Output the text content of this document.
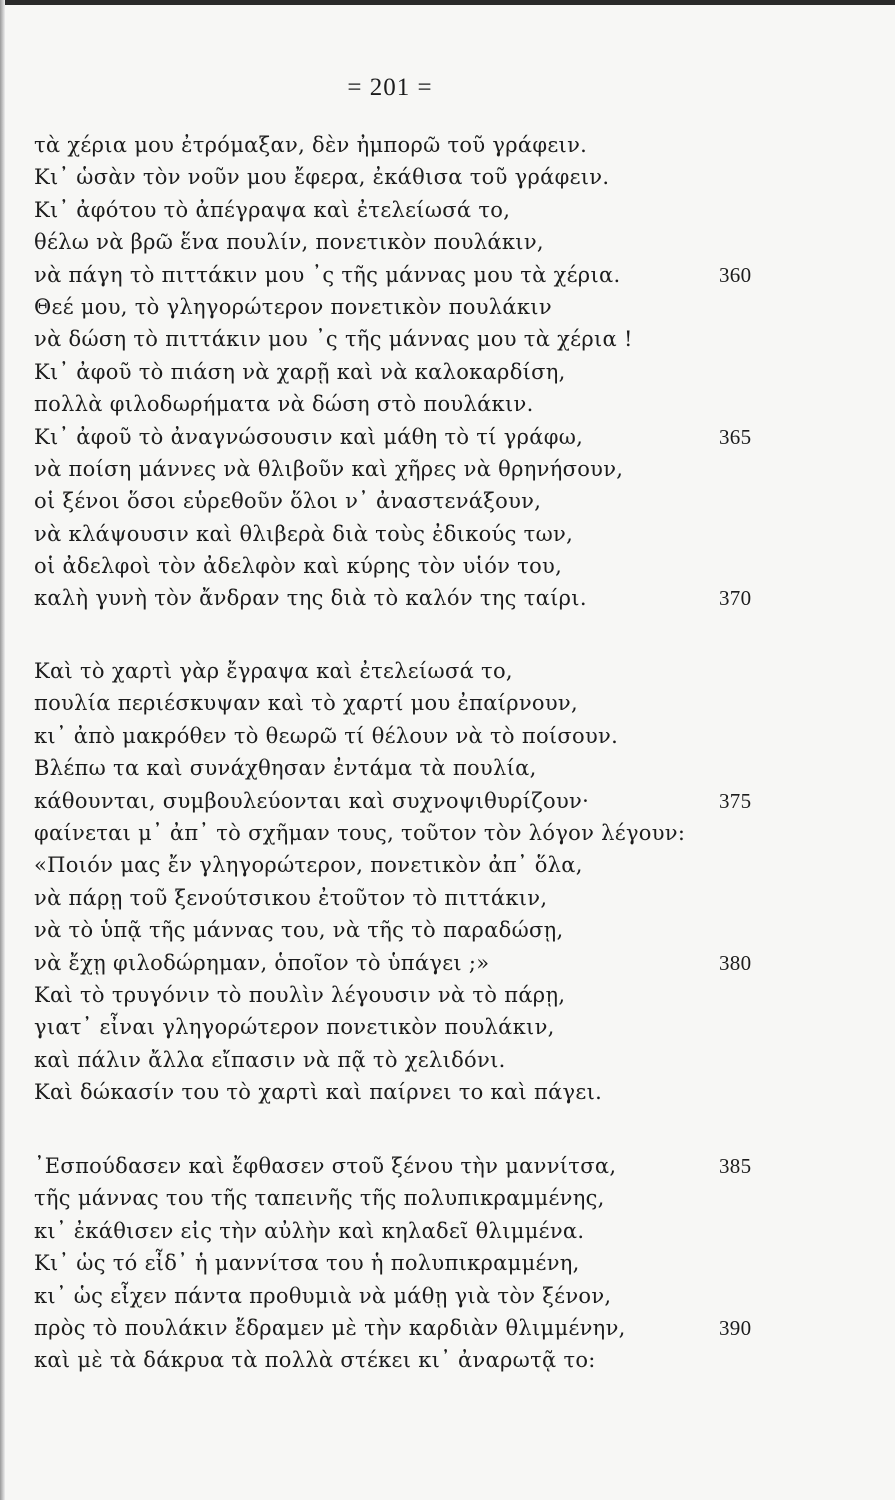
= 201 =
τὰ χέρια μου ἐτρόμαξαν, δὲν ἠμπορῶ τοῦ γράφειν.
Κι᾽ ὡσὰν τὸν νοῦν μου ἔφερα, ἐκάθισα τοῦ γράφειν.
Κι᾽ ἀφότου τὸ ἀπέγραψα καὶ ἐτελείωσά το,
θέλω νὰ βρῶ ἕνα πουλίν, πονετικὸν πουλάκιν,
νὰ πάγη τὸ πιττάκιν μου ᾽ς τῆς μάννας μου τὰ χέρια.	360
Θεέ μου, τὸ γληγορώτερον πονετικὸν πουλάκιν
νὰ δώση τὸ πιττάκιν μου ᾽ς τῆς μάννας μου τὰ χέρια !
Κι᾽ ἀφοῦ τὸ πιάση νὰ χαρῇ καὶ νὰ καλοκαρδίση,
πολλὰ φιλοδωρήματα νὰ δώση στὸ πουλάκιν.
Κι᾽ ἀφοῦ τὸ ἀναγνώσουσιν καὶ μάθη τὸ τί γράφω,	365
νὰ ποίση μάννες νὰ θλιβοῦν καὶ χῆρες νὰ θρηνήσουν,
οἱ ξένοι ὅσοι εὑρεθοῦν ὅλοι ν᾽ ἀναστενάξουν,
νὰ κλάψουσιν καὶ θλιβερὰ διὰ τοὺς ἐδικούς των,
οἱ ἀδελφοὶ τὸν ἀδελφὸν καὶ κύρης τὸν υἱόν του,
καλὴ γυνὴ τὸν ἄνδραν της διὰ τὸ καλόν της ταίρι.	370
Καὶ τὸ χαρτὶ γὰρ ἔγραψα καὶ ἐτελείωσά το,
πουλία περιέσκυψαν καὶ τὸ χαρτί μου ἐπαίρνουν,
κι᾽ ἀπὸ μακρόθεν τὸ θεωρῶ τί θέλουν νὰ τὸ ποίσουν.
Βλέπω τα καὶ συνάχθησαν ἐντάμα τὰ πουλία,
κάθουνται, συμβουλεύονται καὶ συχνοψιθυρίζουν·	375
φαίνεται μ᾽ ἀπ᾽ τὸ σχῆμαν τους, τοῦτον τὸν λόγον λέγουν:
«Ποιόν μας ἔν γληγορώτερον, πονετικὸν ἀπ᾽ ὅλα,
νὰ πάρῃ τοῦ ξενούτσικου ἐτοῦτον τὸ πιττάκιν,
νὰ τὸ ὑπᾷ τῆς μάννας του, νὰ τῆς τὸ παραδώσῃ,
νὰ ἔχῃ φιλοδώρημαν, ὁποῖον τὸ ὑπάγει ;»	380
Καὶ τὸ τρυγόνιν τὸ πουλὶν λέγουσιν νὰ τὸ πάρῃ,
γιατ᾽ εἶναι γληγορώτερον πονετικὸν πουλάκιν,
καὶ πάλιν ἄλλα εἴπασιν νὰ πᾷ τὸ χελιδόνι.
Καὶ δώκασίν του τὸ χαρτὶ καὶ παίρνει το καὶ πάγει.
᾽Εσπούδασεν καὶ ἔφθασεν στοῦ ξένου τὴν μαννίτσα,	385
τῆς μάννας του τῆς ταπεινῆς τῆς πολυπικραμμένης,
κι᾽ ἐκάθισεν εἰς τὴν αὐλὴν καὶ κηλαδεῖ θλιμμένα.
Κι᾽ ὡς τό εἶδ᾽ ἡ μαννίτσα του ἡ πολυπικραμμένη,
κι᾽ ὡς εἶχεν πάντα προθυμιὰ νὰ μάθῃ γιὰ τὸν ξένον,
πρὸς τὸ πουλάκιν ἔδραμεν μὲ τὴν καρδιὰν θλιμμένην,	390
καὶ μὲ τὰ δάκρυα τὰ πολλὰ στέκει κι᾽ ἀναρωτᾷ το:
